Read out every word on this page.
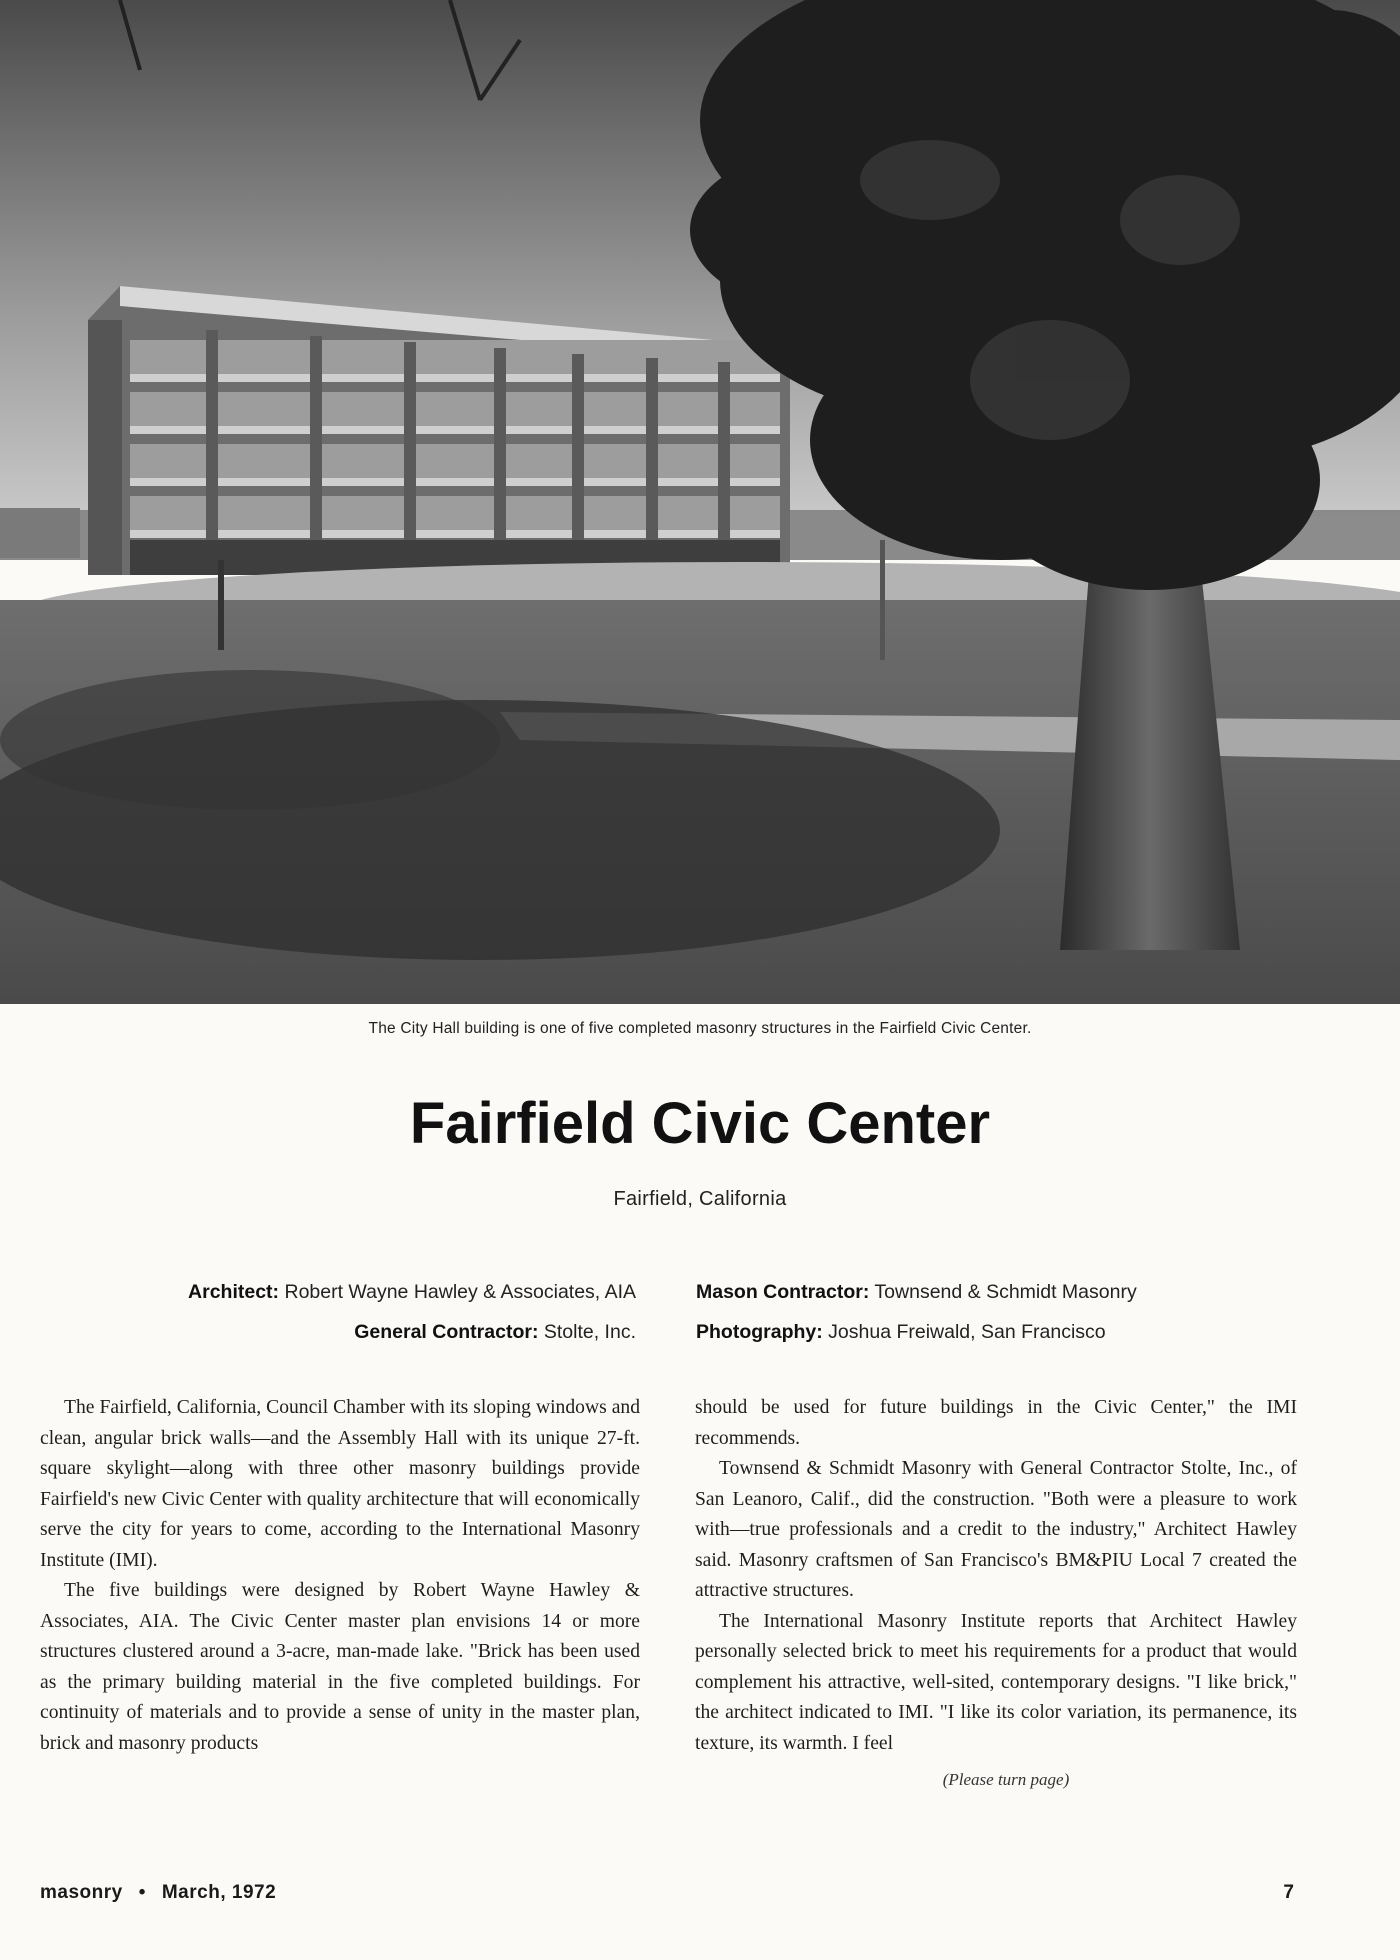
The City Hall building is one of five completed masonry structures in the Fairfield Civic Center.
Fairfield Civic Center
Fairfield, California
Architect: Robert Wayne Hawley & Associates, AIA
General Contractor: Stolte, Inc.
Mason Contractor: Townsend & Schmidt Masonry
Photography: Joshua Freiwald, San Francisco

The Fairfield, California, Council Chamber with its sloping windows and clean, angular brick walls—and the Assembly Hall with its unique 27-ft. square skylight—along with three other masonry buildings provide Fairfield's new Civic Center with quality architecture that will economically serve the city for years to come, according to the International Masonry Institute (IMI).

The five buildings were designed by Robert Wayne Hawley & Associates, AIA. The Civic Center master plan envisions 14 or more structures clustered around a 3-acre, man-made lake. "Brick has been used as the primary building material in the five completed buildings. For continuity of materials and to provide a sense of unity in the master plan, brick and masonry products

should be used for future buildings in the Civic Center," the IMI recommends.

Townsend & Schmidt Masonry with General Contractor Stolte, Inc., of San Leanoro, Calif., did the construction. "Both were a pleasure to work with—true professionals and a credit to the industry," Architect Hawley said. Masonry craftsmen of San Francisco's BM&PIU Local 7 created the attractive structures.

The International Masonry Institute reports that Architect Hawley personally selected brick to meet his requirements for a product that would complement his attractive, well-sited, contemporary designs. "I like brick," the architect indicated to IMI. "I like its color variation, its permanence, its texture, its warmth. I feel

(Please turn page)
masonry • March, 1972	7
